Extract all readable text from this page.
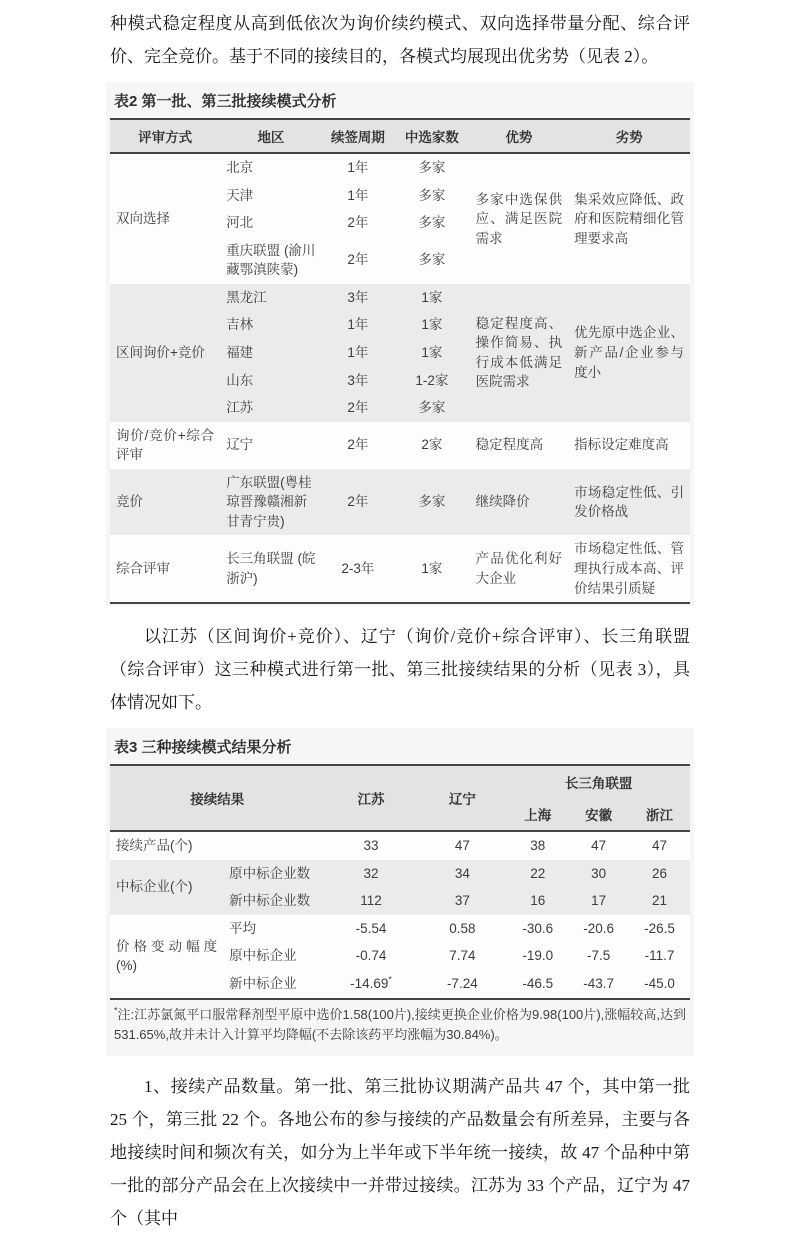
种模式稳定程度从高到低依次为询价续约模式、双向选择带量分配、综合评价、完全竞价。基于不同的接续目的，各模式均展现出优劣势（见表 2）。

表2 第一批、第三批接续模式分析
评审方式	地区	续签周期	中选家数	优势	劣势
双向选择	北京	1年	多家	多家中选保供应、满足医院需求	集采效应降低、政府和医院精细化管理要求高
	天津	1年	多家		
	河北	2年	多家		
	重庆联盟 (渝川藏鄂滇陕蒙)	2年	多家		
区间询价+竞价	黑龙江	3年	1家	稳定程度高、操作简易、执行成本低满足医院需求	优先原中选企业、新产品/企业参与度小
	吉林	1年	1家		
	福建	1年	1家		
	山东	3年	1-2家		
	江苏	2年	多家		
询价/竞价+综合评审	辽宁	2年	2家	稳定程度高	指标设定难度高
竞价	广东联盟(粤桂琼晋豫赣湘新甘青宁贵)	2年	多家	继续降价	市场稳定性低、引发价格战
综合评审	长三角联盟 (皖浙沪)	2-3年	1家	产品优化利好大企业	市场稳定性低、管理执行成本高、评价结果引质疑

以江苏（区间询价+竞价）、辽宁（询价/竞价+综合评审）、长三角联盟（综合评审）这三种模式进行第一批、第三批接续结果的分析（见表 3），具体情况如下。

表3 三种接续模式结果分析
接续结果		江苏	辽宁	长三角联盟		
				上海	安徽	浙江
接续产品(个)		33	47	38	47	47
中标企业(个)	原中标企业数	32	34	22	30	26
	新中标企业数	112	37	16	17	21
价格变动幅度(%)	平均	-5.54	0.58	-30.6	-20.6	-26.5
	原中标企业	-0.74	7.74	-19.0	-7.5	-11.7
	新中标企业	-14.69*	-7.24	-46.5	-43.7	-45.0
*注:江苏氯氮平口服常释剂型平原中选价1.58(100片),接续更换企业价格为9.98(100片),涨幅较高,达到531.65%,故并未计入计算平均降幅(不去除该药平均涨幅为30.84%)。

1、接续产品数量。第一批、第三批协议期满产品共 47 个，其中第一批 25 个，第三批 22 个。各地公布的参与接续的产品数量会有所差异，主要与各地接续时间和频次有关，如分为上半年或下半年统一接续，故 47 个品种中第一批的部分产品会在上次接续中一并带过接续。江苏为 33 个产品，辽宁为 47 个（其中
